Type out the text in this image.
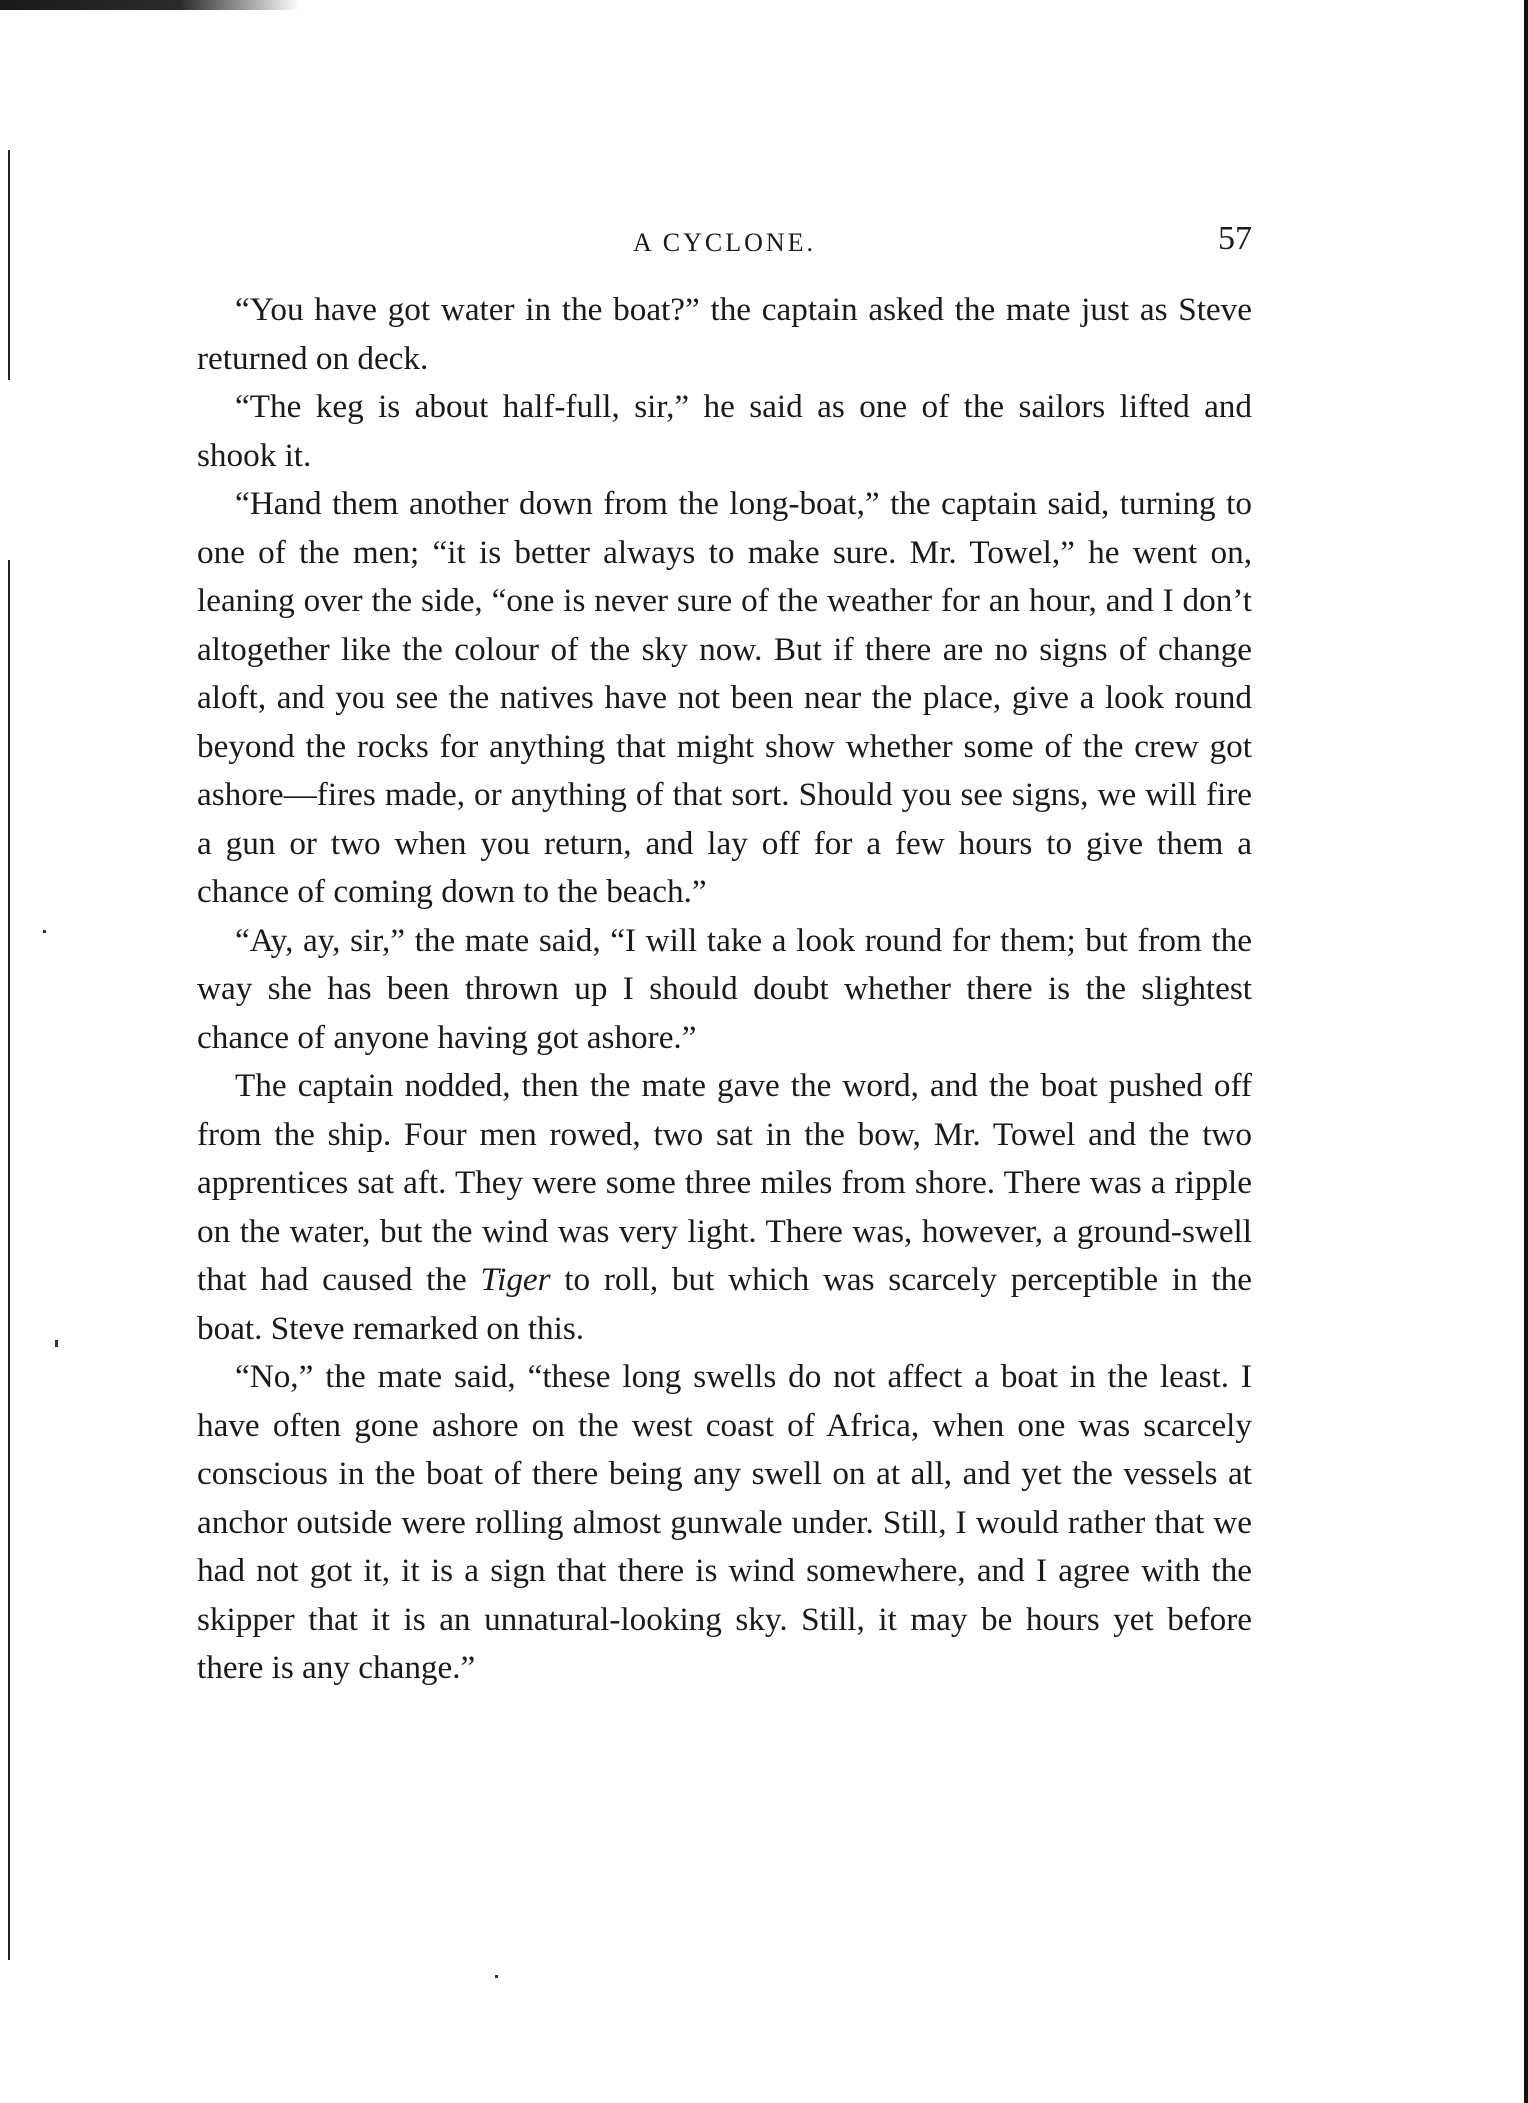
A CYCLONE.	57

“You have got water in the boat?” the captain asked the mate just as Steve returned on deck.

“The keg is about half-full, sir,” he said as one of the sailors lifted and shook it.

“Hand them another down from the long-boat,” the captain said, turning to one of the men; “it is better always to make sure. Mr. Towel,” he went on, leaning over the side, “one is never sure of the weather for an hour, and I don’t altogether like the colour of the sky now. But if there are no signs of change aloft, and you see the natives have not been near the place, give a look round beyond the rocks for anything that might show whether some of the crew got ashore—fires made, or anything of that sort. Should you see signs, we will fire a gun or two when you return, and lay off for a few hours to give them a chance of coming down to the beach.”

“Ay, ay, sir,” the mate said, “I will take a look round for them; but from the way she has been thrown up I should doubt whether there is the slightest chance of anyone having got ashore.”

The captain nodded, then the mate gave the word, and the boat pushed off from the ship. Four men rowed, two sat in the bow, Mr. Towel and the two apprentices sat aft. They were some three miles from shore. There was a ripple on the water, but the wind was very light. There was, however, a ground-swell that had caused the Tiger to roll, but which was scarcely perceptible in the boat. Steve remarked on this.

“No,” the mate said, “these long swells do not affect a boat in the least. I have often gone ashore on the west coast of Africa, when one was scarcely conscious in the boat of there being any swell on at all, and yet the vessels at anchor outside were rolling almost gunwale under. Still, I would rather that we had not got it, it is a sign that there is wind somewhere, and I agree with the skipper that it is an unnatural-looking sky. Still, it may be hours yet before there is any change.”
